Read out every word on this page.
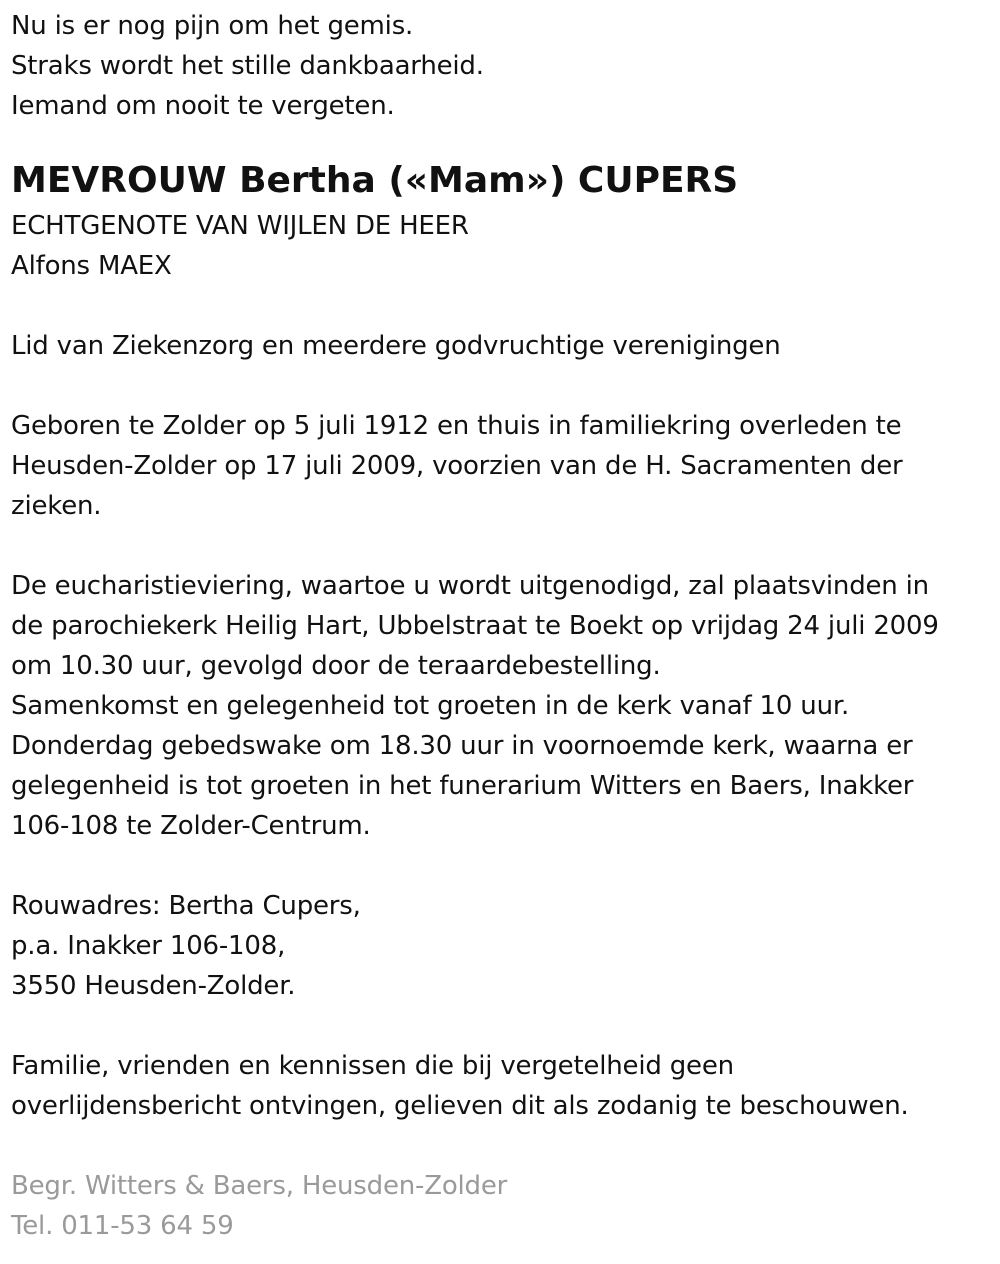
Nu is er nog pijn om het gemis.
Straks wordt het stille dankbaarheid.
Iemand om nooit te vergeten.
MEVROUW Bertha («Mam») CUPERS
ECHTGENOTE VAN WIJLEN DE HEER
Alfons MAEX
Lid van Ziekenzorg en meerdere godvruchtige verenigingen
Geboren te Zolder op 5 juli 1912 en thuis in familiekring overleden te
Heusden-Zolder op 17 juli 2009, voorzien van de H. Sacramenten der
zieken.
De eucharistieviering, waartoe u wordt uitgenodigd, zal plaatsvinden in
de parochiekerk Heilig Hart, Ubbelstraat te Boekt op vrijdag 24 juli 2009
om 10.30 uur, gevolgd door de teraardebestelling.
Samenkomst en gelegenheid tot groeten in de kerk vanaf 10 uur.
Donderdag gebedswake om 18.30 uur in voornoemde kerk, waarna er
gelegenheid is tot groeten in het funerarium Witters en Baers, Inakker
106-108 te Zolder-Centrum.
Rouwadres: Bertha Cupers,
p.a. Inakker 106-108,
3550 Heusden-Zolder.
Familie, vrienden en kennissen die bij vergetelheid geen
overlijdensbericht ontvingen, gelieven dit als zodanig te beschouwen.
Begr. Witters & Baers, Heusden-Zolder
Tel. 011-53 64 59
